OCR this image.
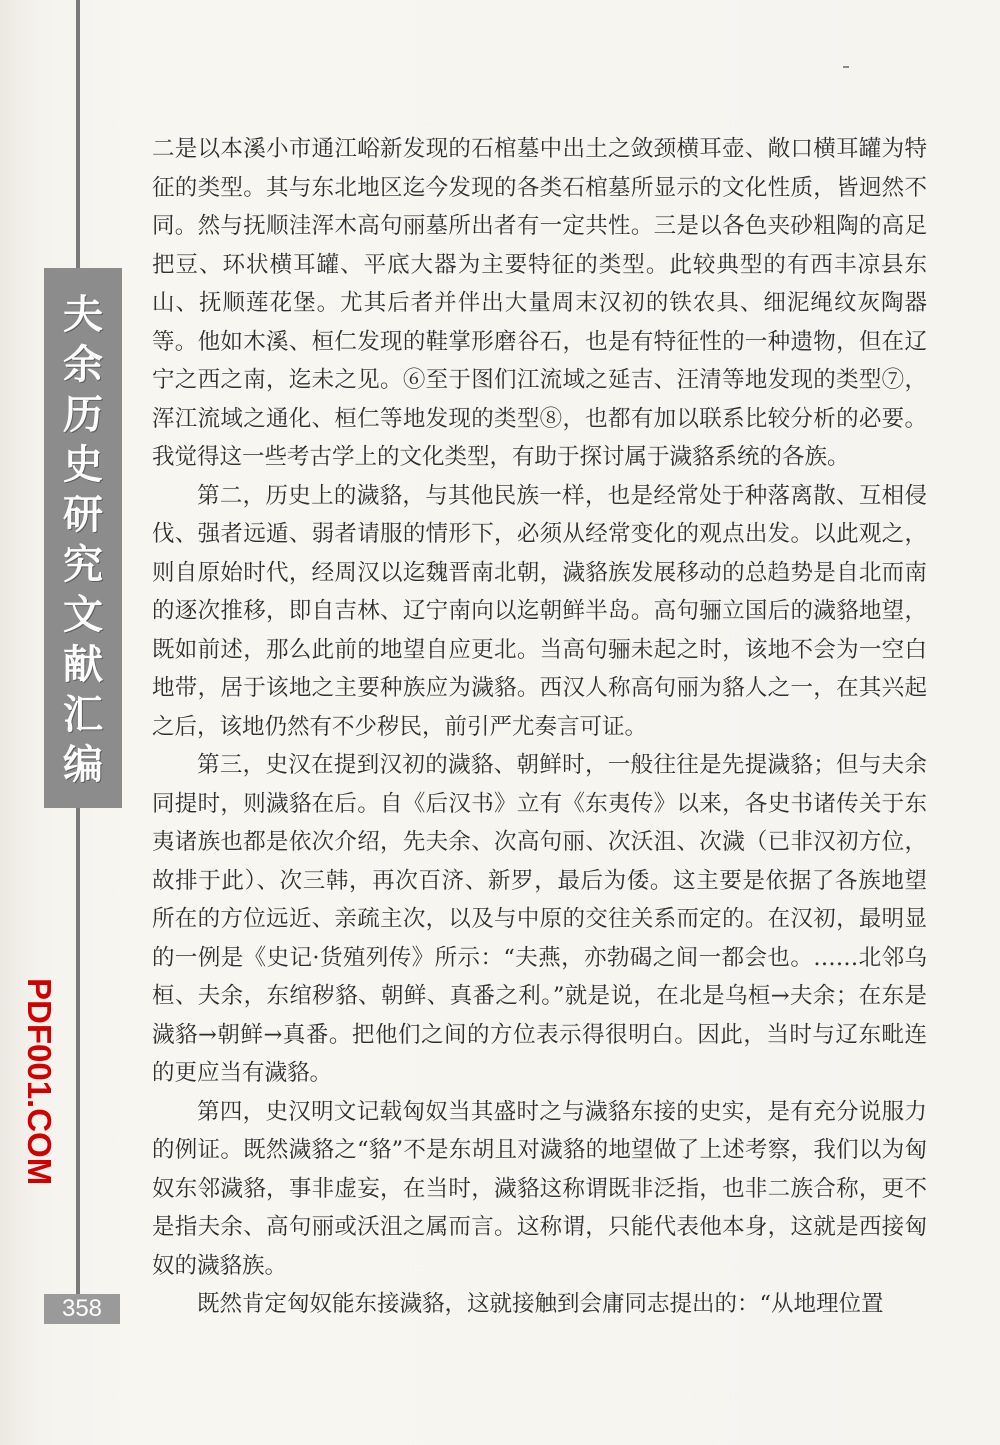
夫
余
历
史
研
究
文
献
汇
编
PDF001.COM
358

二是以本溪小市通江峪新发现的石棺墓中出土之敛颈横耳壶、敞口横耳罐为特征的类型。其与东北地区迄今发现的各类石棺墓所显示的文化性质，皆迥然不同。然与抚顺洼浑木高句丽墓所出者有一定共性。三是以各色夹砂粗陶的高足把豆、环状横耳罐、平底大器为主要特征的类型。此较典型的有西丰凉县东山、抚顺莲花堡。尤其后者并伴出大量周末汉初的铁农具、细泥绳纹灰陶器等。他如木溪、桓仁发现的鞋掌形磨谷石，也是有特征性的一种遗物，但在辽宁之西之南，迄未之见。⑥至于图们江流域之延吉、汪清等地发现的类型⑦，浑江流域之通化、桓仁等地发现的类型⑧，也都有加以联系比较分析的必要。我觉得这一些考古学上的文化类型，有助于探讨属于濊貉系统的各族。

第二，历史上的濊貉，与其他民族一样，也是经常处于种落离散、互相侵伐、强者远遁、弱者请服的情形下，必须从经常变化的观点出发。以此观之，则自原始时代，经周汉以迄魏晋南北朝，濊貉族发展移动的总趋势是自北而南的逐次推移，即自吉林、辽宁南向以迄朝鲜半岛。高句骊立国后的濊貉地望，既如前述，那么此前的地望自应更北。当高句骊未起之时，该地不会为一空白地带，居于该地之主要种族应为濊貉。西汉人称高句丽为貉人之一，在其兴起之后，该地仍然有不少秽民，前引严尤奏言可证。

第三，史汉在提到汉初的濊貉、朝鲜时，一般往往是先提濊貉；但与夫余同提时，则濊貉在后。自《后汉书》立有《东夷传》以来，各史书诸传关于东夷诸族也都是依次介绍，先夫余、次高句丽、次沃沮、次濊（已非汉初方位，故排于此）、次三韩，再次百济、新罗，最后为倭。这主要是依据了各族地望所在的方位远近、亲疏主次，以及与中原的交往关系而定的。在汉初，最明显的一例是《史记·货殖列传》所示：“夫燕，亦勃碣之间一都会也。……北邻乌桓、夫余，东绾秽貉、朝鲜、真番之利。”就是说，在北是乌桓→夫余；在东是濊貉→朝鲜→真番。把他们之间的方位表示得很明白。因此，当时与辽东毗连的更应当有濊貉。

第四，史汉明文记载匈奴当其盛时之与濊貉东接的史实，是有充分说服力的例证。既然濊貉之“貉”不是东胡且对濊貉的地望做了上述考察，我们以为匈奴东邻濊貉，事非虚妄，在当时，濊貉这称谓既非泛指，也非二族合称，更不是指夫余、高句丽或沃沮之属而言。这称谓，只能代表他本身，这就是西接匈奴的濊貉族。

既然肯定匈奴能东接濊貉，这就接触到会庸同志提出的：“从地理位置
